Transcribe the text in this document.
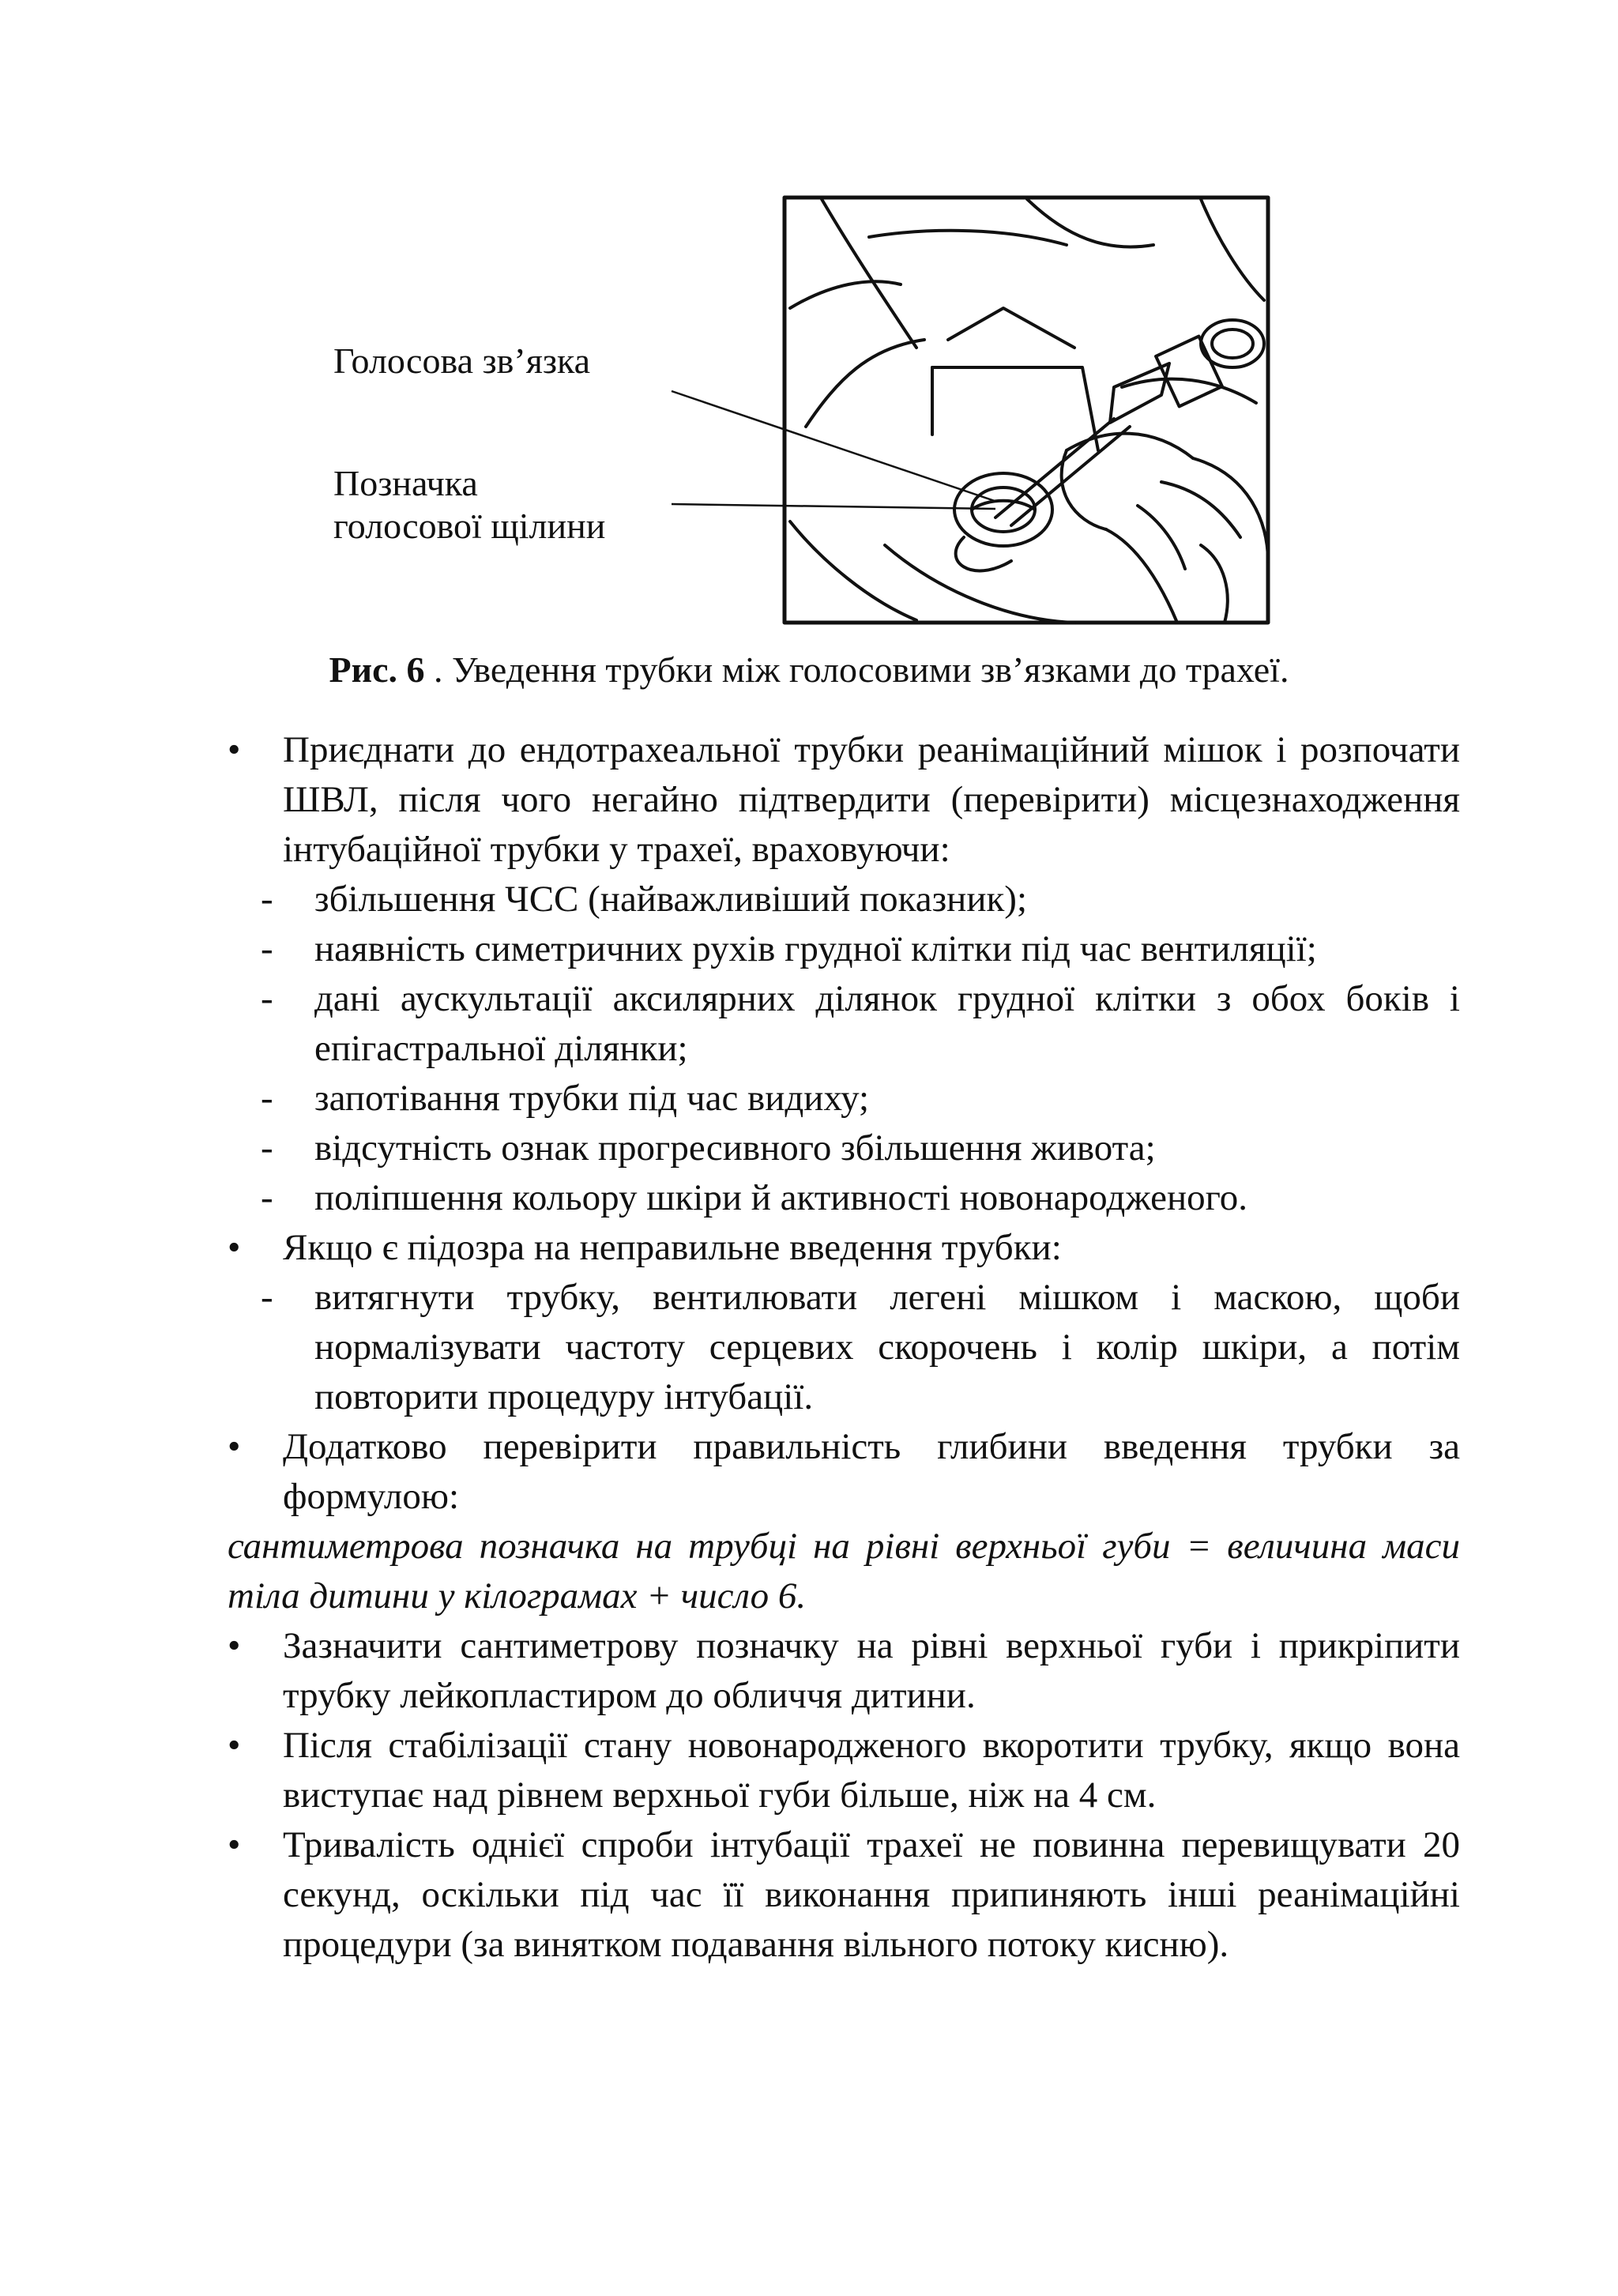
Голосова зв’язка
Позначка
голосової щілини
Рис. 6 . Уведення трубки між голосовими зв’язками до трахеї.
• Приєднати до ендотрахеальної трубки реанімаційний мішок і розпочати ШВЛ, після чого негайно підтвердити (перевірити) місцезнаходження інтубаційної трубки у трахеї, враховуючи:
- збільшення ЧСС (найважливіший показник);
- наявність симетричних рухів грудної клітки під час вентиляції;
- дані аускультації аксилярних ділянок грудної клітки з обох боків і епігастральної ділянки;
- запотівання трубки під час видиху;
- відсутність ознак прогресивного збільшення живота;
- поліпшення кольору шкіри й активності новонародженого.
• Якщо є підозра на неправильне введення трубки:
- витягнути трубку, вентилювати легені мішком і маскою, щоби нормалізувати частоту серцевих скорочень і колір шкіри, а потім повторити процедуру інтубації.
• Додатково перевірити правильність глибини введення трубки за формулою:
сантиметрова позначка на трубці на рівні верхньої губи = величина маси тіла дитини у кілограмах + число 6.
• Зазначити сантиметрову позначку на рівні верхньої губи і прикріпити трубку лейкопластиром до обличчя дитини.
• Після стабілізації стану новонародженого вкоротити трубку, якщо вона виступає над рівнем верхньої губи більше, ніж на 4 см.
• Тривалість однієї спроби інтубації трахеї не повинна перевищувати 20 секунд, оскільки під час її виконання припиняють інші реанімаційні процедури (за винятком подавання вільного потоку кисню).
